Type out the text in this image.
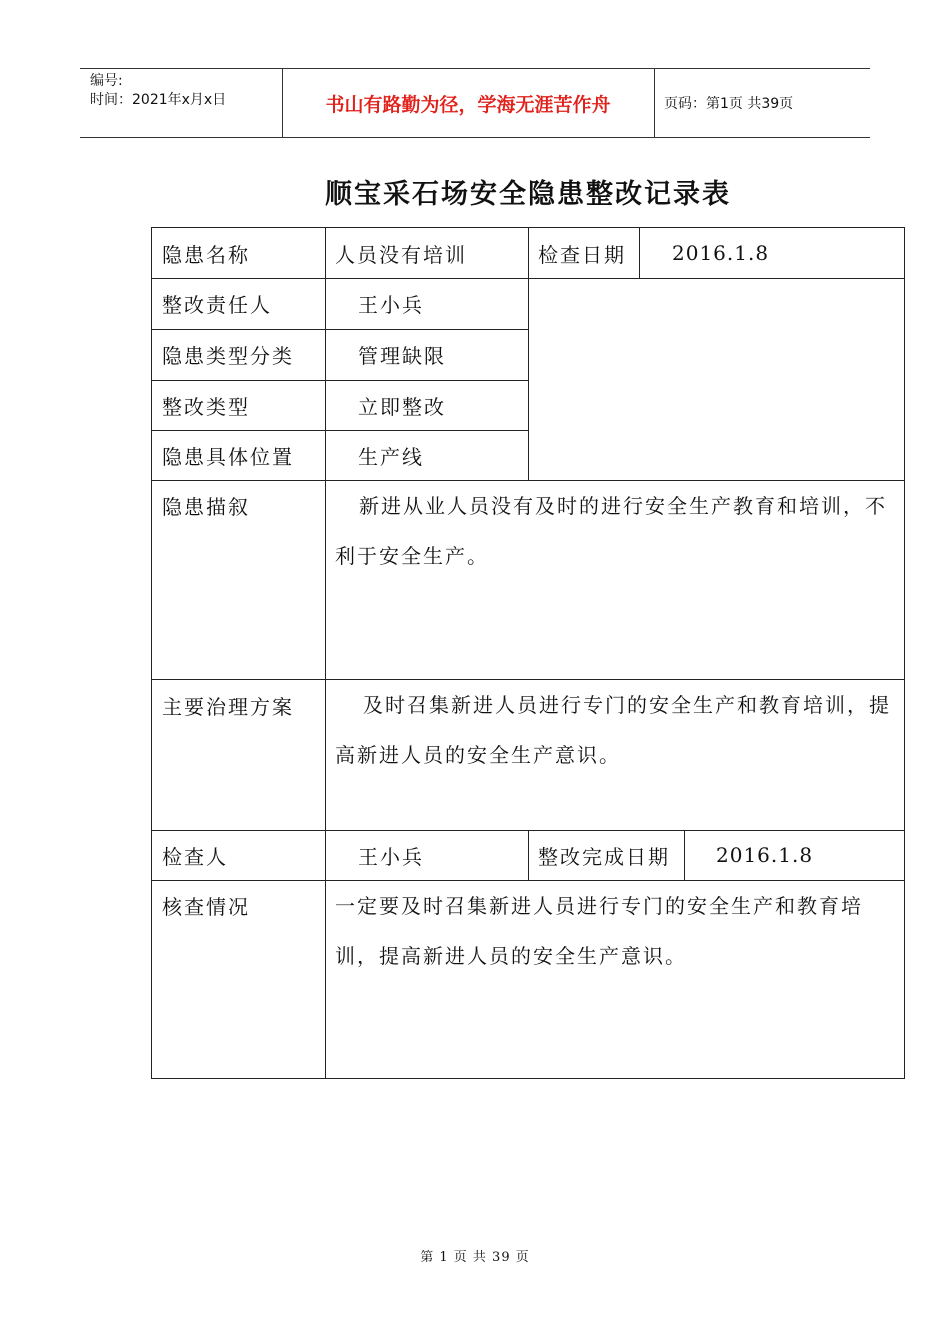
编号:
时间：2021年x月x日	书山有路勤为径，学海无涯苦作舟	页码：第1页 共39页
顺宝采石场安全隐患整改记录表
隐患名称	人员没有培训	检查日期	2016.1.8
整改责任人	王小兵
隐患类型分类	管理缺限
整改类型	立即整改
隐患具体位置	生产线
隐患描叙	新进从业人员没有及时的进行安全生产教育和培训，不利于安全生产。
主要治理方案	及时召集新进人员进行专门的安全生产和教育培训，提高新进人员的安全生产意识。
检查人	王小兵	整改完成日期	2016.1.8
核查情况	一定要及时召集新进人员进行专门的安全生产和教育培训，提高新进人员的安全生产意识。
第 1 页 共 39 页
